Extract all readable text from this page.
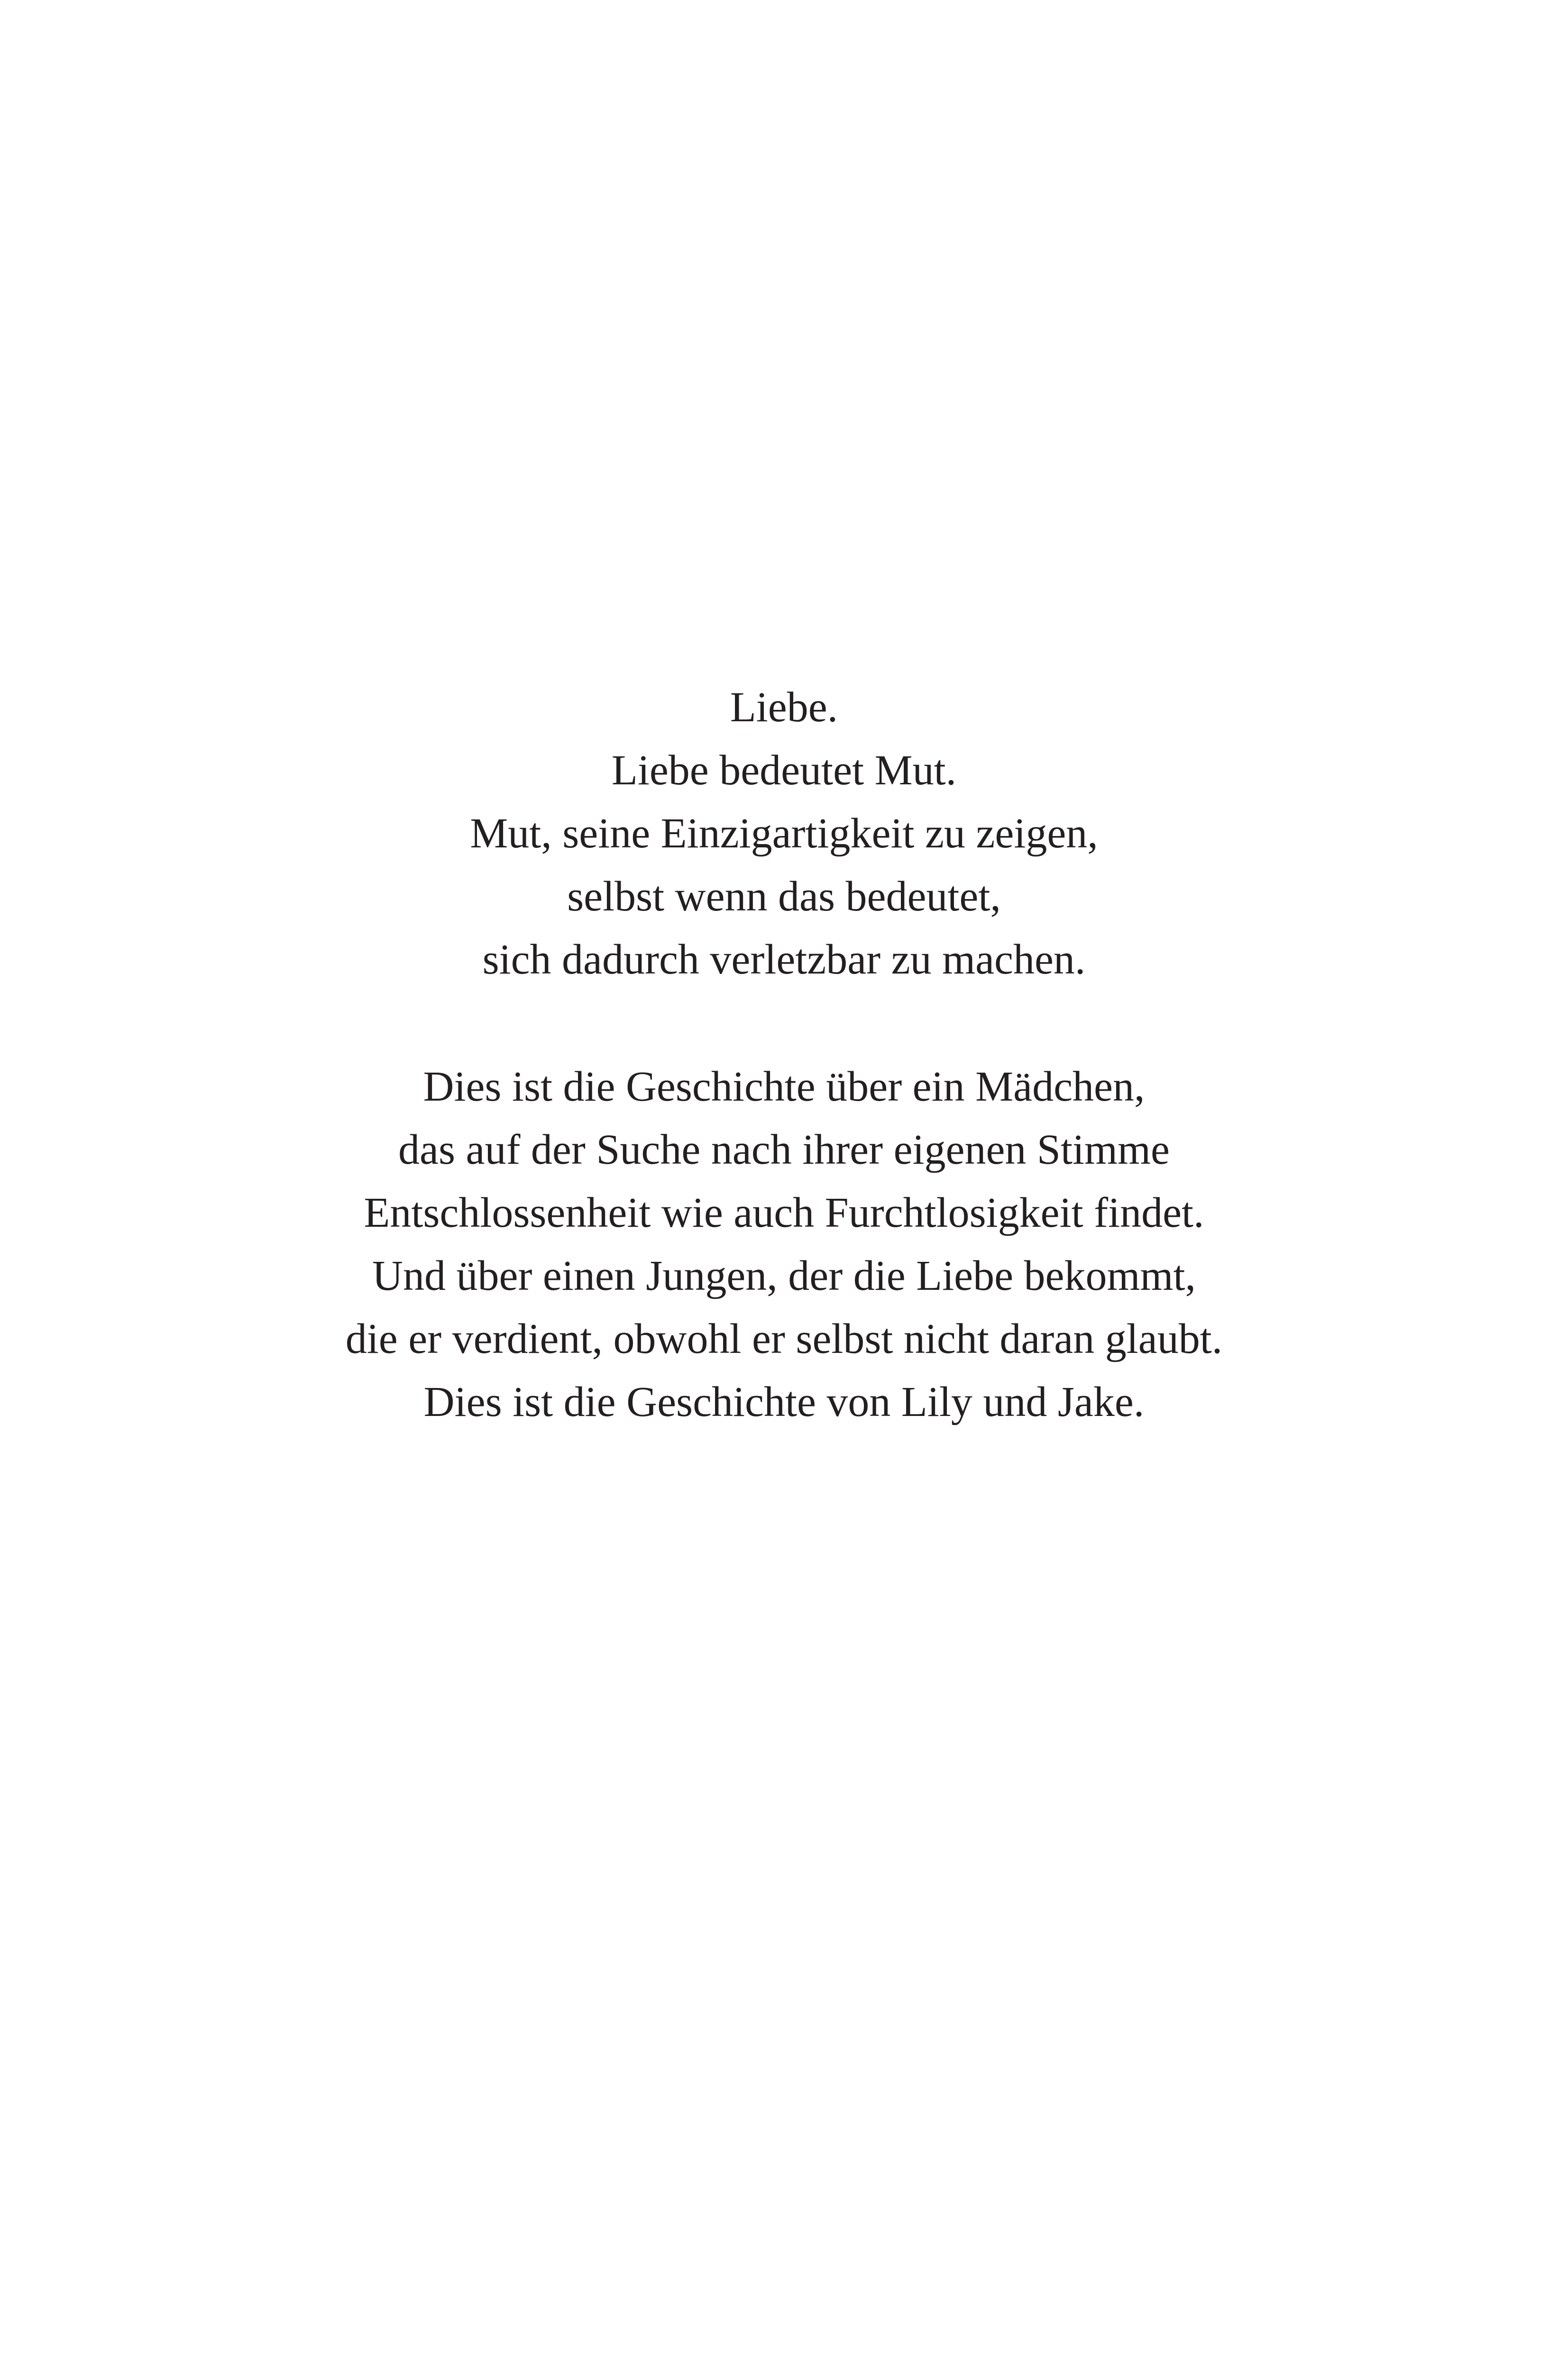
Liebe.
Liebe bedeutet Mut.
Mut, seine Einzigartigkeit zu zeigen,
selbst wenn das bedeutet,
sich dadurch verletzbar zu machen.
Dies ist die Geschichte über ein Mädchen,
das auf der Suche nach ihrer eigenen Stimme
Entschlossenheit wie auch Furchtlosigkeit findet.
Und über einen Jungen, der die Liebe bekommt,
die er verdient, obwohl er selbst nicht daran glaubt.
Dies ist die Geschichte von Lily und Jake.
